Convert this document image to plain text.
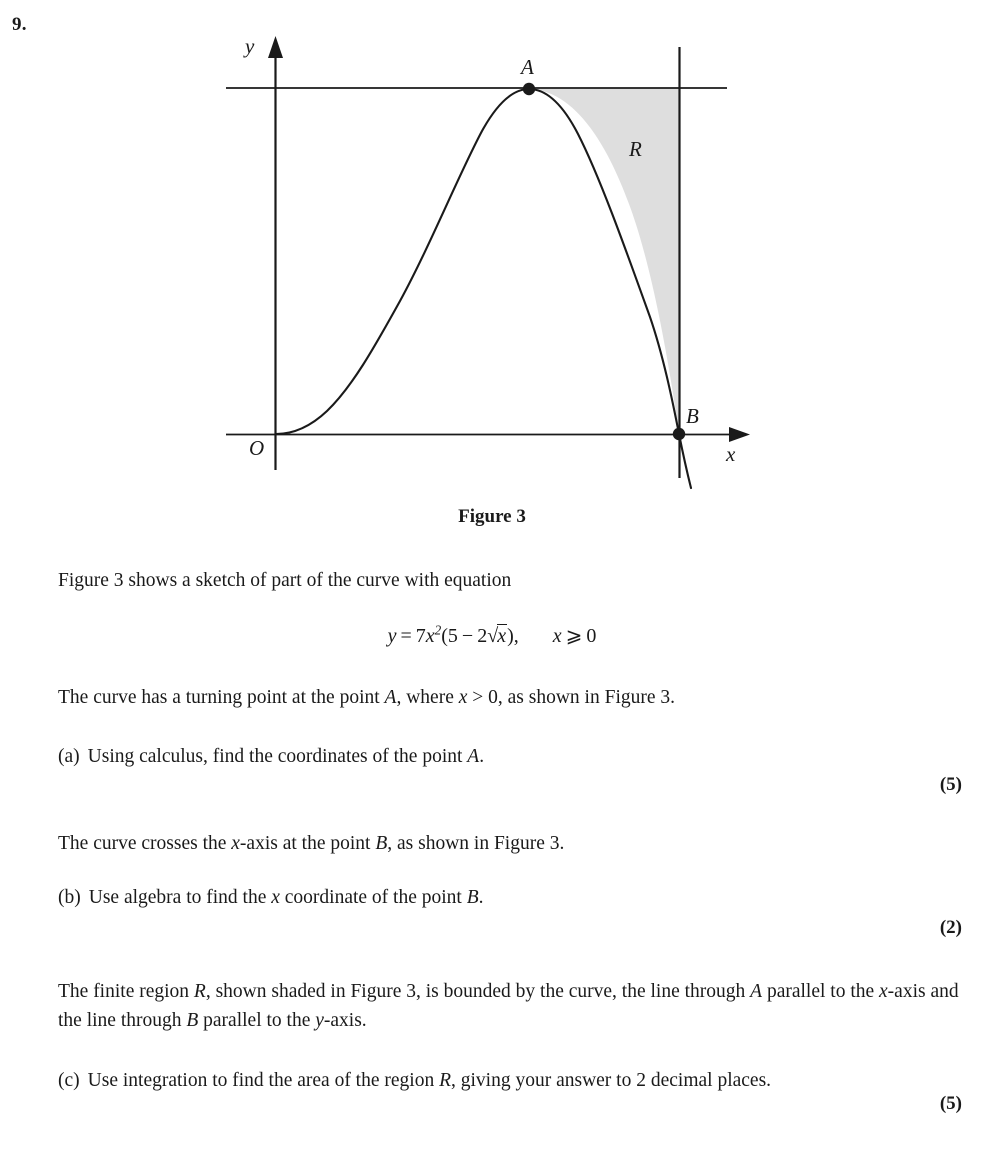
9.
y
x
O
A
B
R
Figure 3
Figure 3 shows a sketch of part of the curve with equation
$y = 7x^2(5 - 2√x)$, x ⩾ 0
The curve has a turning point at the point A, where x > 0, as shown in Figure 3.
(a) Using calculus, find the coordinates of the point A.
(5)
The curve crosses the x-axis at the point B, as shown in Figure 3.
(b) Use algebra to find the x coordinate of the point B.
(2)
The finite region R, shown shaded in Figure 3, is bounded by the curve, the line through A parallel to the x-axis and the line through B parallel to the y-axis.
(c) Use integration to find the area of the region R, giving your answer to 2 decimal places.
(5)
